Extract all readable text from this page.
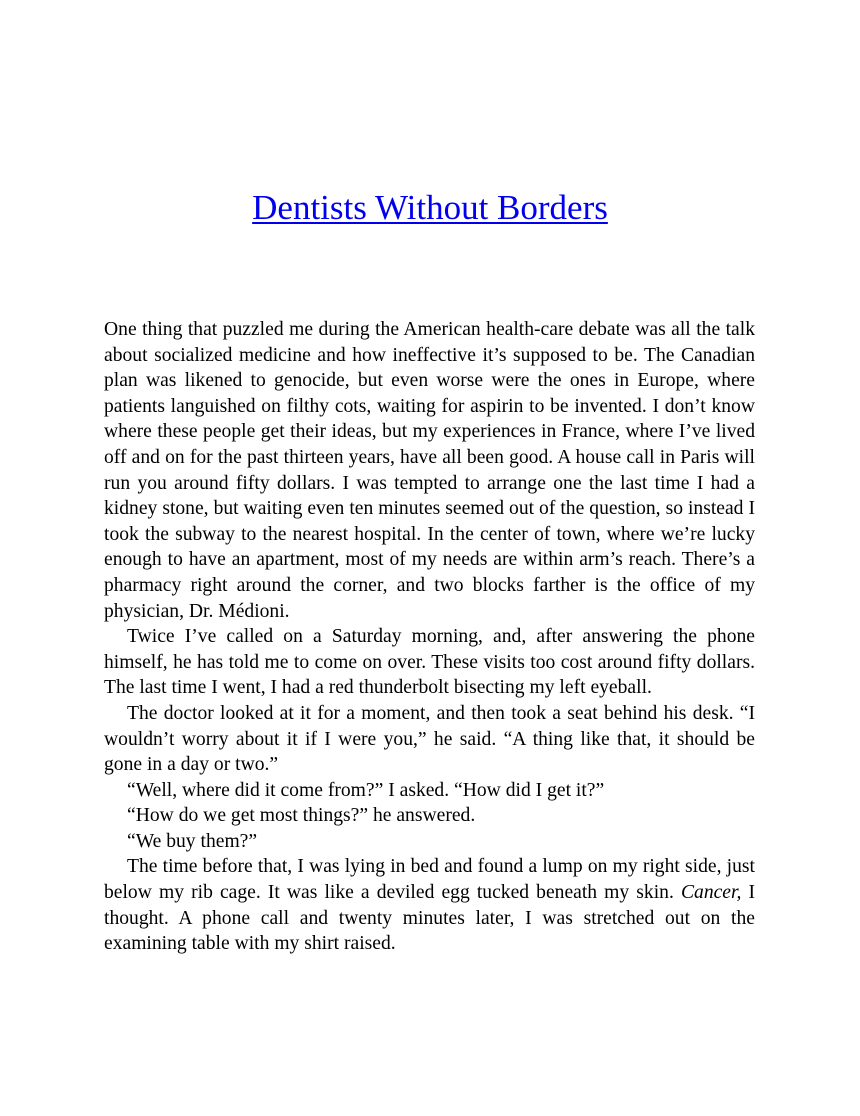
Dentists Without Borders

One thing that puzzled me during the American health-care debate was all the talk about socialized medicine and how ineffective it’s supposed to be. The Canadian plan was likened to genocide, but even worse were the ones in Europe, where patients languished on filthy cots, waiting for aspirin to be invented. I don’t know where these people get their ideas, but my experiences in France, where I’ve lived off and on for the past thirteen years, have all been good. A house call in Paris will run you around fifty dollars. I was tempted to arrange one the last time I had a kidney stone, but waiting even ten minutes seemed out of the question, so instead I took the subway to the nearest hospital. In the center of town, where we’re lucky enough to have an apartment, most of my needs are within arm’s reach. There’s a pharmacy right around the corner, and two blocks farther is the office of my physician, Dr. Médioni.

Twice I’ve called on a Saturday morning, and, after answering the phone himself, he has told me to come on over. These visits too cost around fifty dollars. The last time I went, I had a red thunderbolt bisecting my left eyeball.

The doctor looked at it for a moment, and then took a seat behind his desk. “I wouldn’t worry about it if I were you,” he said. “A thing like that, it should be gone in a day or two.”

“Well, where did it come from?” I asked. “How did I get it?”

“How do we get most things?” he answered.

“We buy them?”

The time before that, I was lying in bed and found a lump on my right side, just below my rib cage. It was like a deviled egg tucked beneath my skin. Cancer, I thought. A phone call and twenty minutes later, I was stretched out on the examining table with my shirt raised.
